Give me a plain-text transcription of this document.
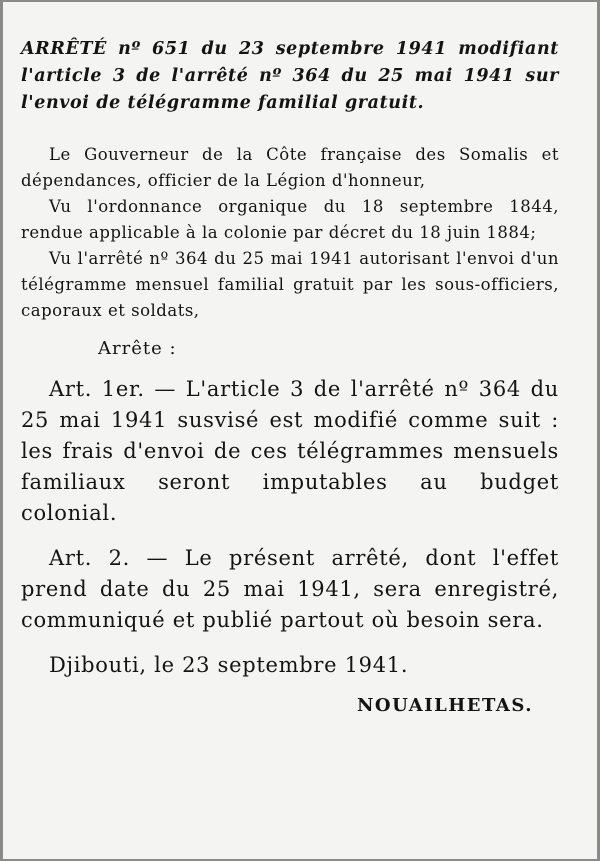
ARRÊTÉ nº 651 du 23 septembre 1941 modifiant l'article 3 de l'arrêté nº 364 du 25 mai 1941 sur l'envoi de télégramme familial gratuit.

Le Gouverneur de la Côte française des Somalis et dépendances, officier de la Légion d'honneur,

Vu l'ordonnance organique du 18 septembre 1844, rendue applicable à la colonie par décret du 18 juin 1884;

Vu l'arrêté nº 364 du 25 mai 1941 autorisant l'envoi d'un télégramme mensuel familial gratuit par les sous-officiers, caporaux et soldats,

Arrête :

Art. 1er. — L'article 3 de l'arrêté nº 364 du 25 mai 1941 susvisé est modifié comme suit : les frais d'envoi de ces télégrammes mensuels familiaux seront imputables au budget colonial.

Art. 2. — Le présent arrêté, dont l'effet prend date du 25 mai 1941, sera enregistré, communiqué et publié partout où besoin sera.

Djibouti, le 23 septembre 1941.

NOUAILHETAS.
